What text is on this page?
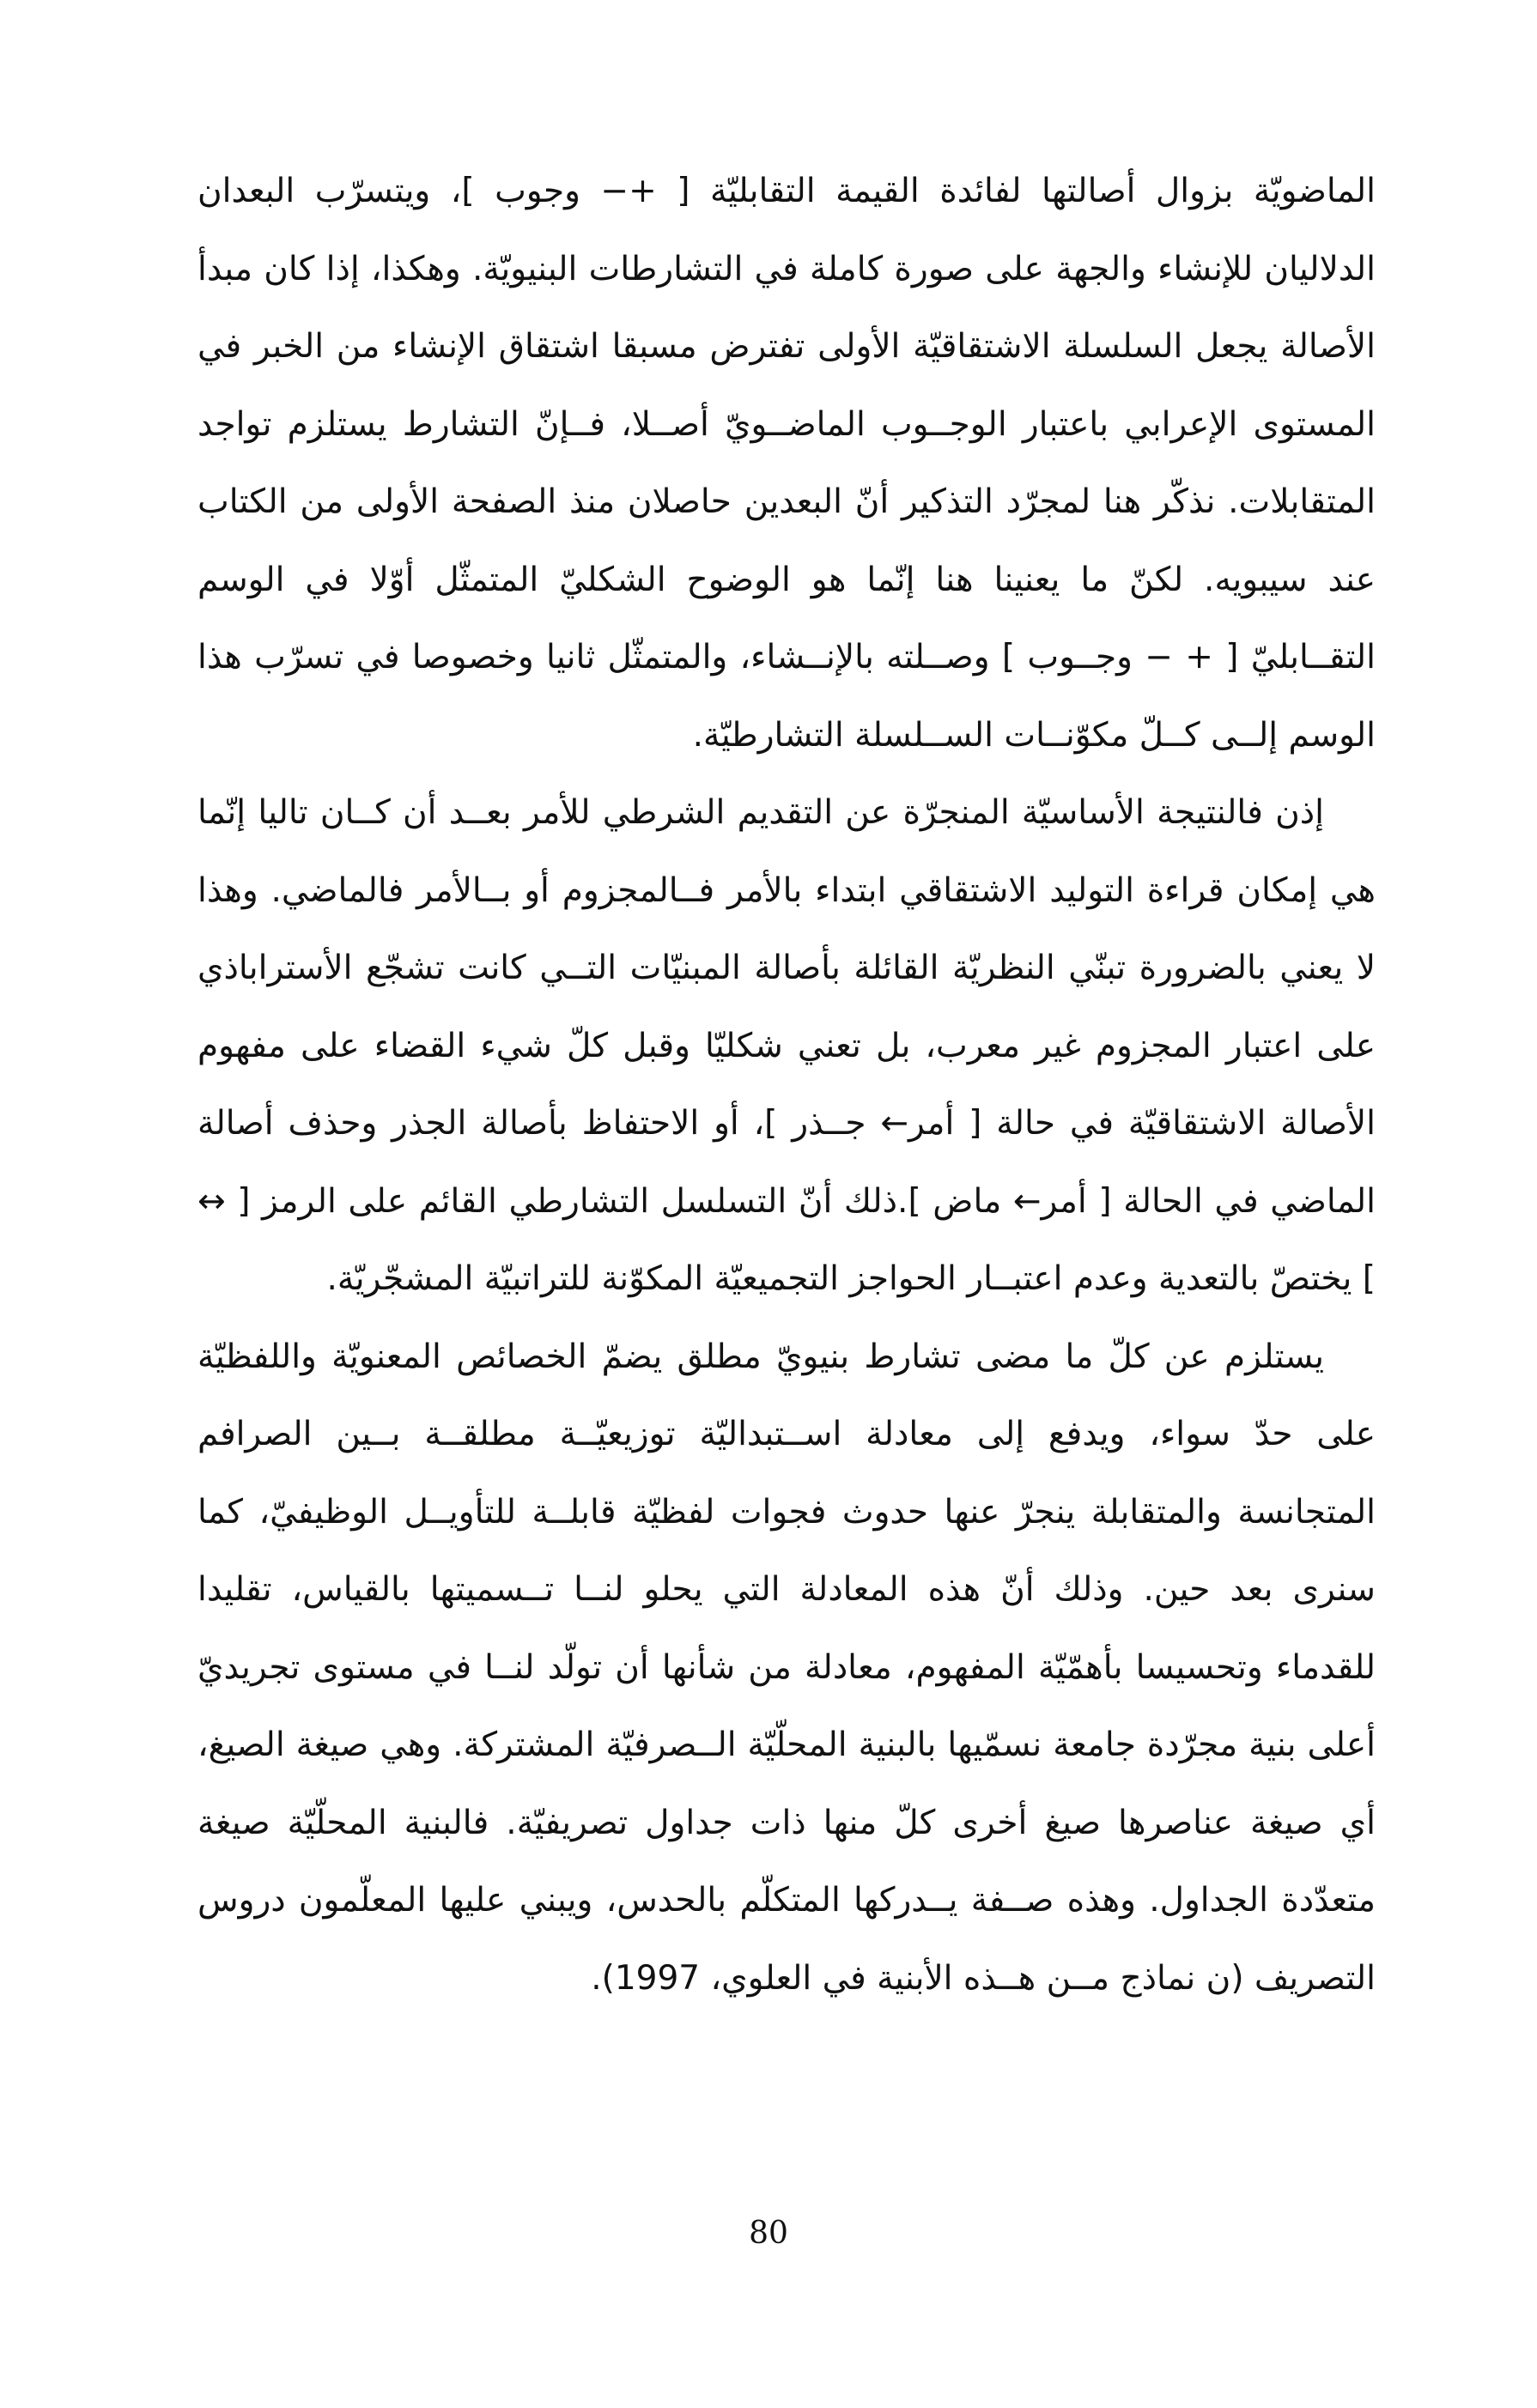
الماضويّة بزوال أصالتها لفائدة القيمة التقابليّة [ +− وجوب ]، ويتسرّب البعدان الدلاليان للإنشاء والجهة على صورة كاملة في التشارطات البنيويّة. وهكذا، إذا كان مبدأ الأصالة يجعل السلسلة الاشتقاقيّة الأولى تفترض مسبقا اشتقاق الإنشاء من الخبر في المستوى الإعرابي باعتبار الوجــوب الماضــويّ أصــلا، فــإنّ التشارط يستلزم تواجد المتقابلات. نذكّر هنا لمجرّد التذكير أنّ البعدين حاصلان منذ الصفحة الأولى من الكتاب عند سيبويه. لكنّ ما يعنينا هنا إنّما هو الوضوح الشكليّ المتمثّل أوّلا في الوسم التقــابليّ [ + − وجــوب ] وصــلته بالإنــشاء، والمتمثّل ثانيا وخصوصا في تسرّب هذا الوسم إلــى كــلّ مكوّنــات الســلسلة التشارطيّة.

إذن فالنتيجة الأساسيّة المنجرّة عن التقديم الشرطي للأمر بعــد أن كــان تاليا إنّما هي إمكان قراءة التوليد الاشتقاقي ابتداء بالأمر فــالمجزوم أو بــالأمر فالماضي. وهذا لا يعني بالضرورة تبنّي النظريّة القائلة بأصالة المبنيّات التــي كانت تشجّع الأستراباذي على اعتبار المجزوم غير معرب، بل تعني شكليّا وقبل كلّ شيء القضاء على مفهوم الأصالة الاشتقاقيّة في حالة [ أمر← جــذر ]، أو الاحتفاظ بأصالة الجذر وحذف أصالة الماضي في الحالة [ أمر← ماض ].ذلك أنّ التسلسل التشارطي القائم على الرمز [ ↔ ] يختصّ بالتعدية وعدم اعتبــار الحواجز التجميعيّة المكوّنة للتراتبيّة المشجّريّة.

يستلزم عن كلّ ما مضى تشارط بنيويّ مطلق يضمّ الخصائص المعنويّة واللفظيّة على حدّ سواء، ويدفع إلى معادلة اســتبداليّة توزيعيّــة مطلقــة بــين الصرافم المتجانسة والمتقابلة ينجرّ عنها حدوث فجوات لفظيّة قابلــة للتأويــل الوظيفيّ، كما سنرى بعد حين. وذلك أنّ هذه المعادلة التي يحلو لنــا تــسميتها بالقياس، تقليدا للقدماء وتحسيسا بأهمّيّة المفهوم، معادلة من شأنها أن تولّد لنــا في مستوى تجريديّ أعلى بنية مجرّدة جامعة نسمّيها بالبنية المحلّيّة الــصرفيّة المشتركة. وهي صيغة الصيغ، أي صيغة عناصرها صيغ أخرى كلّ منها ذات جداول تصريفيّة. فالبنية المحلّيّة صيغة متعدّدة الجداول. وهذه صــفة يــدركها المتكلّم بالحدس، ويبني عليها المعلّمون دروس التصريف (ن نماذج مــن هــذه الأبنية في العلوي، 1997).

80
